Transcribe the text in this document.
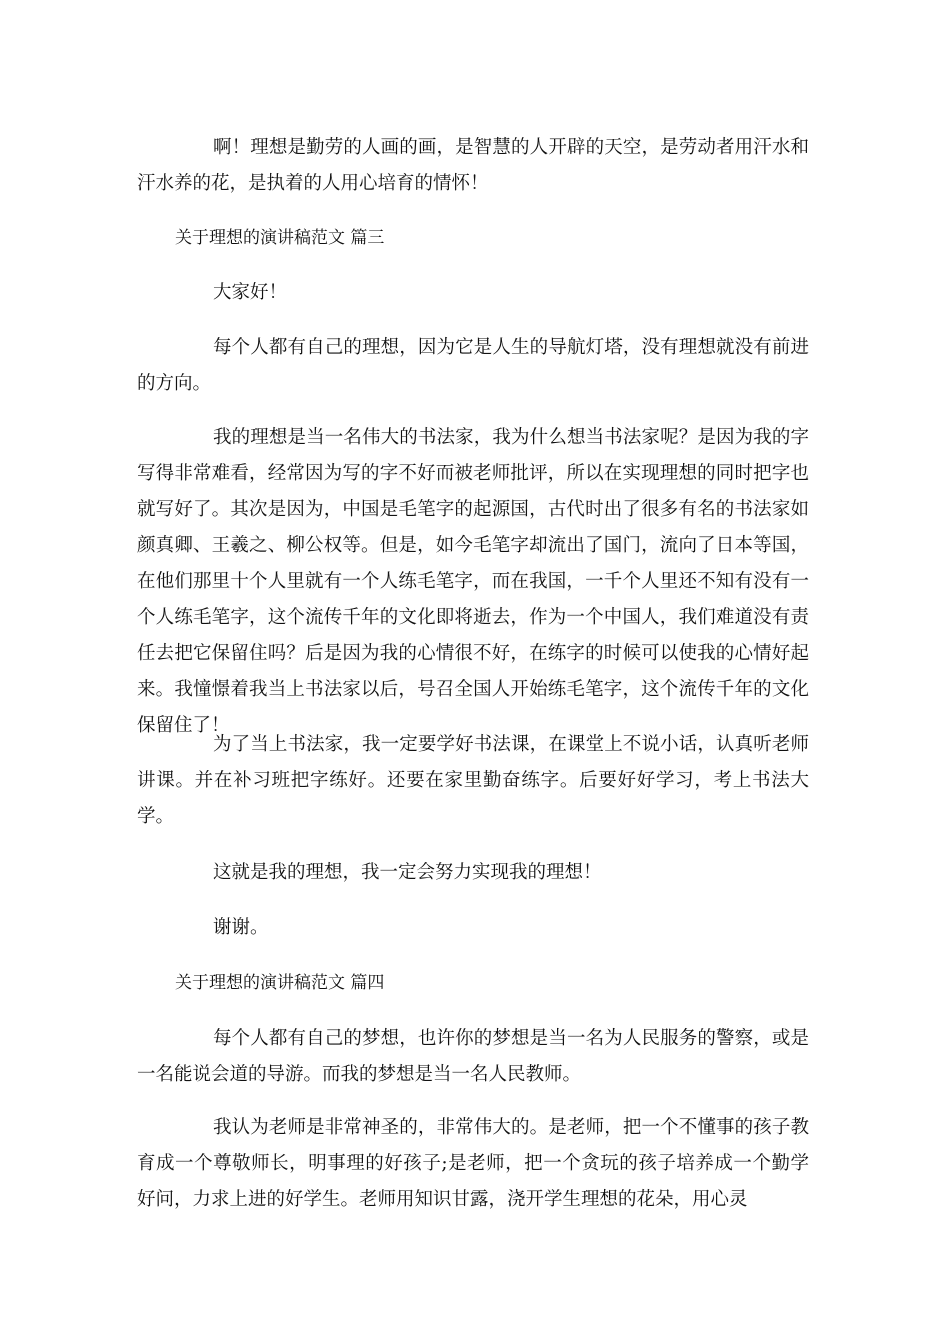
啊！理想是勤劳的人画的画，是智慧的人开辟的天空，是劳动者用汗水和汗水养的花，是执着的人用心培育的情怀！

关于理想的演讲稿范文 篇三

大家好！

每个人都有自己的理想，因为它是人生的导航灯塔，没有理想就没有前进的方向。

我的理想是当一名伟大的书法家，我为什么想当书法家呢？是因为我的字写得非常难看，经常因为写的字不好而被老师批评，所以在实现理想的同时把字也就写好了。其次是因为，中国是毛笔字的起源国，古代时出了很多有名的书法家如颜真卿、王羲之、柳公权等。但是，如今毛笔字却流出了国门，流向了日本等国，在他们那里十个人里就有一个人练毛笔字，而在我国，一千个人里还不知有没有一个人练毛笔字，这个流传千年的文化即将逝去，作为一个中国人，我们难道没有责任去把它保留住吗？后是因为我的心情很不好，在练字的时候可以使我的心情好起来。我憧憬着我当上书法家以后，号召全国人开始练毛笔字，这个流传千年的文化保留住了！

为了当上书法家，我一定要学好书法课，在课堂上不说小话，认真听老师讲课。并在补习班把字练好。还要在家里勤奋练字。后要好好学习，考上书法大学。

这就是我的理想，我一定会努力实现我的理想！

谢谢。

关于理想的演讲稿范文 篇四

每个人都有自己的梦想，也许你的梦想是当一名为人民服务的警察，或是一名能说会道的导游。而我的梦想是当一名人民教师。

我认为老师是非常神圣的，非常伟大的。是老师，把一个不懂事的孩子教育成一个尊敬师长，明事理的好孩子;是老师，把一个贪玩的孩子培养成一个勤学好问，力求上进的好学生。老师用知识甘露，浇开学生理想的花朵，用心灵
